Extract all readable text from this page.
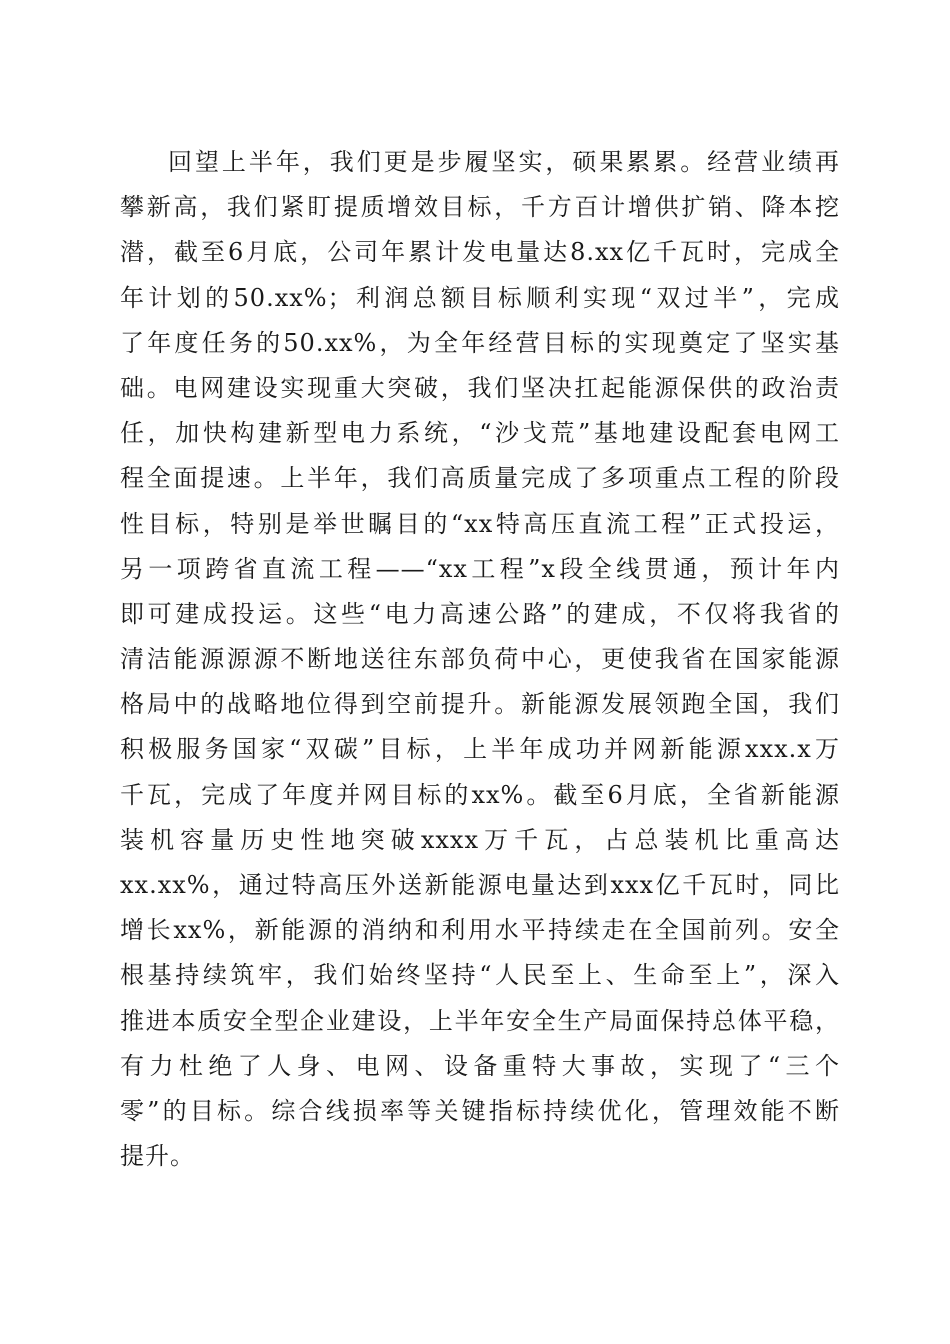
回望上半年，我们更是步履坚实，硕果累累。经营业绩再
攀新高，我们紧盯提质增效目标，千方百计增供扩销、降本挖
潜，截至6月底，公司年累计发电量达8.xx亿千瓦时，完成全
年计划的50.xx%；利润总额目标顺利实现“双过半”，完成
了年度任务的50.xx%，为全年经营目标的实现奠定了坚实基
础。电网建设实现重大突破，我们坚决扛起能源保供的政治责
任，加快构建新型电力系统，“沙戈荒”基地建设配套电网工
程全面提速。上半年，我们高质量完成了多项重点工程的阶段
性目标，特别是举世瞩目的“xx特高压直流工程”正式投运，
另一项跨省直流工程——“xx工程”x段全线贯通，预计年内
即可建成投运。这些“电力高速公路”的建成，不仅将我省的
清洁能源源源不断地送往东部负荷中心，更使我省在国家能源
格局中的战略地位得到空前提升。新能源发展领跑全国，我们
积极服务国家“双碳”目标，上半年成功并网新能源xxx.x万
千瓦，完成了年度并网目标的xx%。截至6月底，全省新能源
装机容量历史性地突破xxxx万千瓦，占总装机比重高达
xx.xx%，通过特高压外送新能源电量达到xxx亿千瓦时，同比
增长xx%，新能源的消纳和利用水平持续走在全国前列。安全
根基持续筑牢，我们始终坚持“人民至上、生命至上”，深入
推进本质安全型企业建设，上半年安全生产局面保持总体平稳，
有力杜绝了人身、电网、设备重特大事故，实现了“三个
零”的目标。综合线损率等关键指标持续优化，管理效能不断
提升。
